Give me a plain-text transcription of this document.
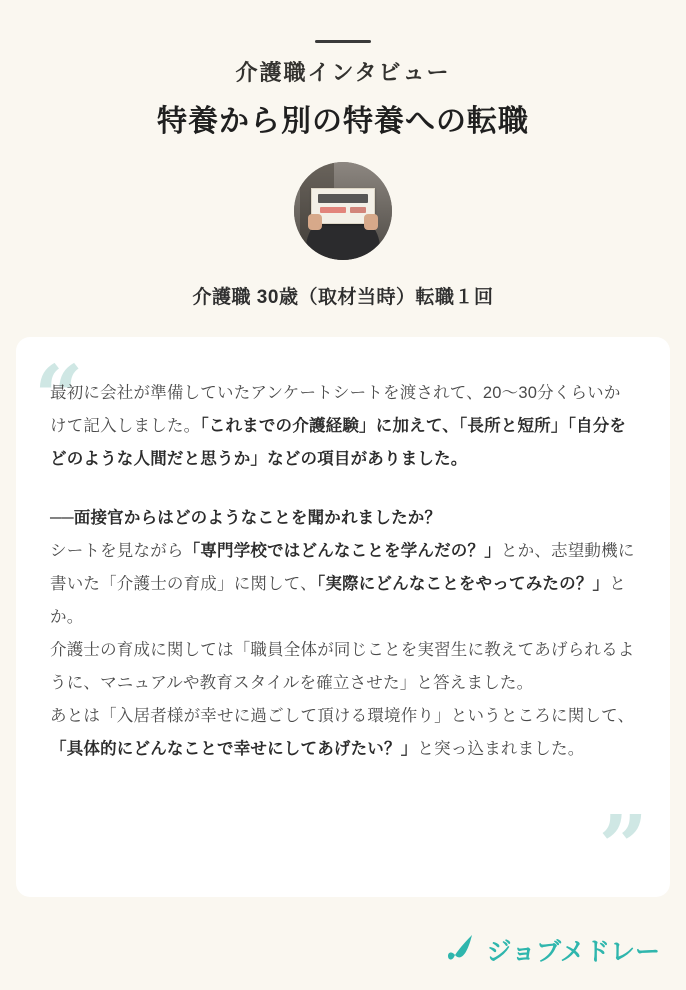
介護職インタビュー
特養から別の特養への転職
介護職 30歳（取材当時）転職１回
“
”

最初に会社が準備していたアンケートシートを渡されて、20〜30分くらいかけて記入しました。「これまでの介護経験」に加えて、「長所と短所」「自分をどのような人間だと思うか」などの項目がありました。

──面接官からはどのようなことを聞かれましたか？

シートを見ながら「専門学校ではどんなことを学んだの？」とか、志望動機に書いた「介護士の育成」に関して、「実際にどんなことをやってみたの？」とか。

介護士の育成に関しては「職員全体が同じことを実習生に教えてあげられるように、マニュアルや教育スタイルを確立させた」と答えました。

あとは「入居者様が幸せに過ごして頂ける環境作り」というところに関して、「具体的にどんなことで幸せにしてあげたい？」と突っ込まれました。

ジョブメドレー
